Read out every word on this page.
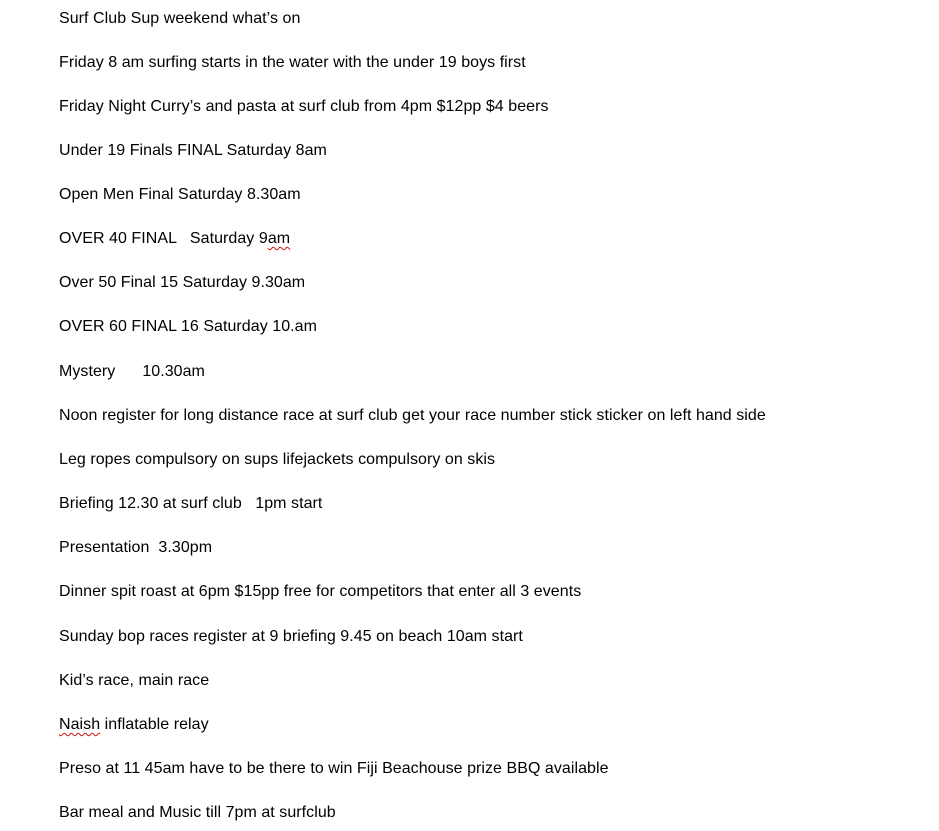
Surf Club Sup weekend what’s on
Friday 8 am surfing starts in the water with the under 19 boys first
Friday Night Curry’s and pasta at surf club from 4pm $12pp $4 beers
Under 19 Finals FINAL Saturday 8am
Open Men Final Saturday 8.30am
OVER 40 FINAL   Saturday 9am
Over 50 Final 15 Saturday 9.30am
OVER 60 FINAL 16 Saturday 10.am
Mystery      10.30am
Noon register for long distance race at surf club get your race number stick sticker on left hand side
Leg ropes compulsory on sups lifejackets compulsory on skis
Briefing 12.30 at surf club   1pm start
Presentation  3.30pm
Dinner spit roast at 6pm $15pp free for competitors that enter all 3 events
Sunday bop races register at 9 briefing 9.45 on beach 10am start
Kid’s race, main race
Naish inflatable relay
Preso at 11 45am have to be there to win Fiji Beachouse prize BBQ available
Bar meal and Music till 7pm at surfclub
